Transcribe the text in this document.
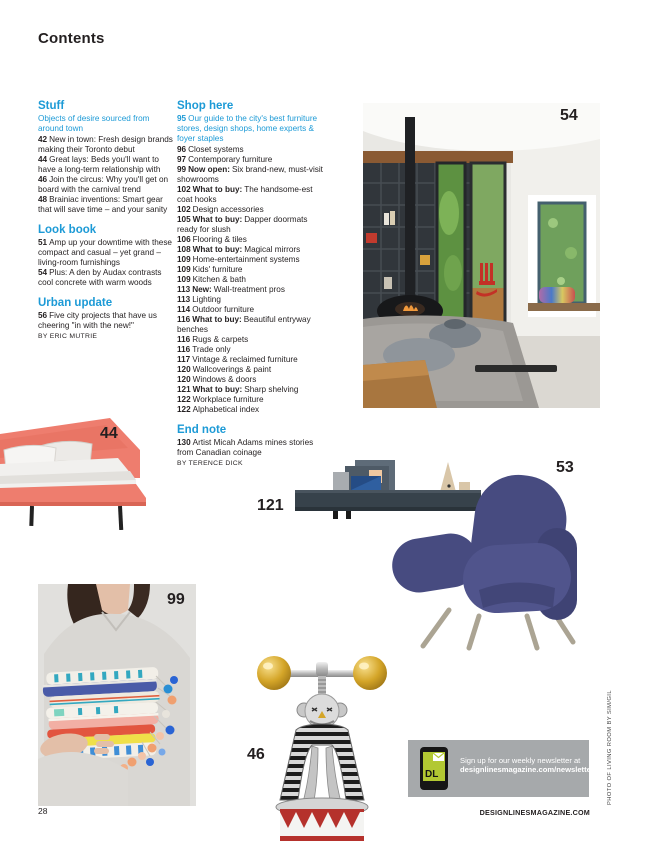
Contents
Stuff

Objects of desire sourced from around town

42 New in town: Fresh design brands making their Toronto debut
44 Great lays: Beds you'll want to have a long-term relationship with
46 Join the circus: Why you'll get on board with the carnival trend
48 Brainiac inventions: Smart gear that will save time – and your sanity
Look book
51 Amp up your downtime with these compact and casual – yet grand – living-room furnishings
54 Plus: A den by Audax contrasts cool concrete with warm woods
Urban update
56 Five city projects that have us cheering "in with the new!"

BY ERIC MUTRIE

Shop here

95 Our guide to the city's best furniture stores, design shops, home experts & foyer staples

96 Closet systems
97 Contemporary furniture
99 Now open: Six brand-new, must-visit showrooms
102 What to buy: The handsome-est coat hooks
102 Design accessories
105 What to buy: Dapper doormats ready for slush
106 Flooring & tiles
108 What to buy: Magical mirrors
109 Home-entertainment systems
109 Kids' furniture
109 Kitchen & bath
113 New: Wall-treatment pros
113 Lighting
114 Outdoor furniture
116 What to buy: Beautiful entryway benches
116 Rugs & carpets
116 Trade only
117 Vintage & reclaimed furniture
120 Wallcoverings & paint
120 Windows & doors
121 What to buy: Sharp shelving
122 Workplace furniture
122 Alphabetical index
End note
130 Artist Micah Adams mines stories from Canadian coinage

BY TERENCE DICK

54
44
121
53
99
46
DL

Sign up for our weekly newsletter at designlinesmagazine.com/newsletter PHOTO OF LIVING ROOM BY SIM/GIL
28	DESIGNLINESMAGAZINE.COM
